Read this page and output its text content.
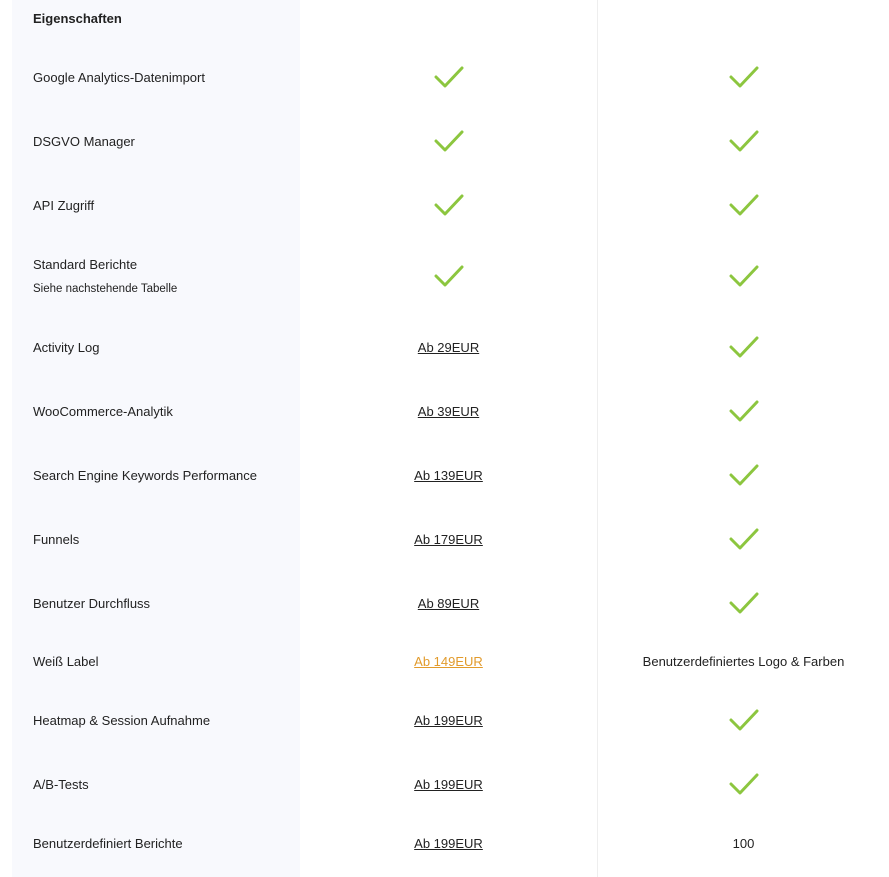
Eigenschaften
Google Analytics-Datenimport
DSGVO Manager
API Zugriff
Standard Berichte
Siehe nachstehende Tabelle
Activity Log	Ab 29EUR
WooCommerce-Analytik	Ab 39EUR
Search Engine Keywords Performance	Ab 139EUR
Funnels	Ab 179EUR
Benutzer Durchfluss	Ab 89EUR
Weiß Label	Ab 149EUR	Benutzerdefiniertes Logo & Farben
Heatmap & Session Aufnahme	Ab 199EUR
A/B-Tests	Ab 199EUR
Benutzerdefiniert Berichte	Ab 199EUR	100
